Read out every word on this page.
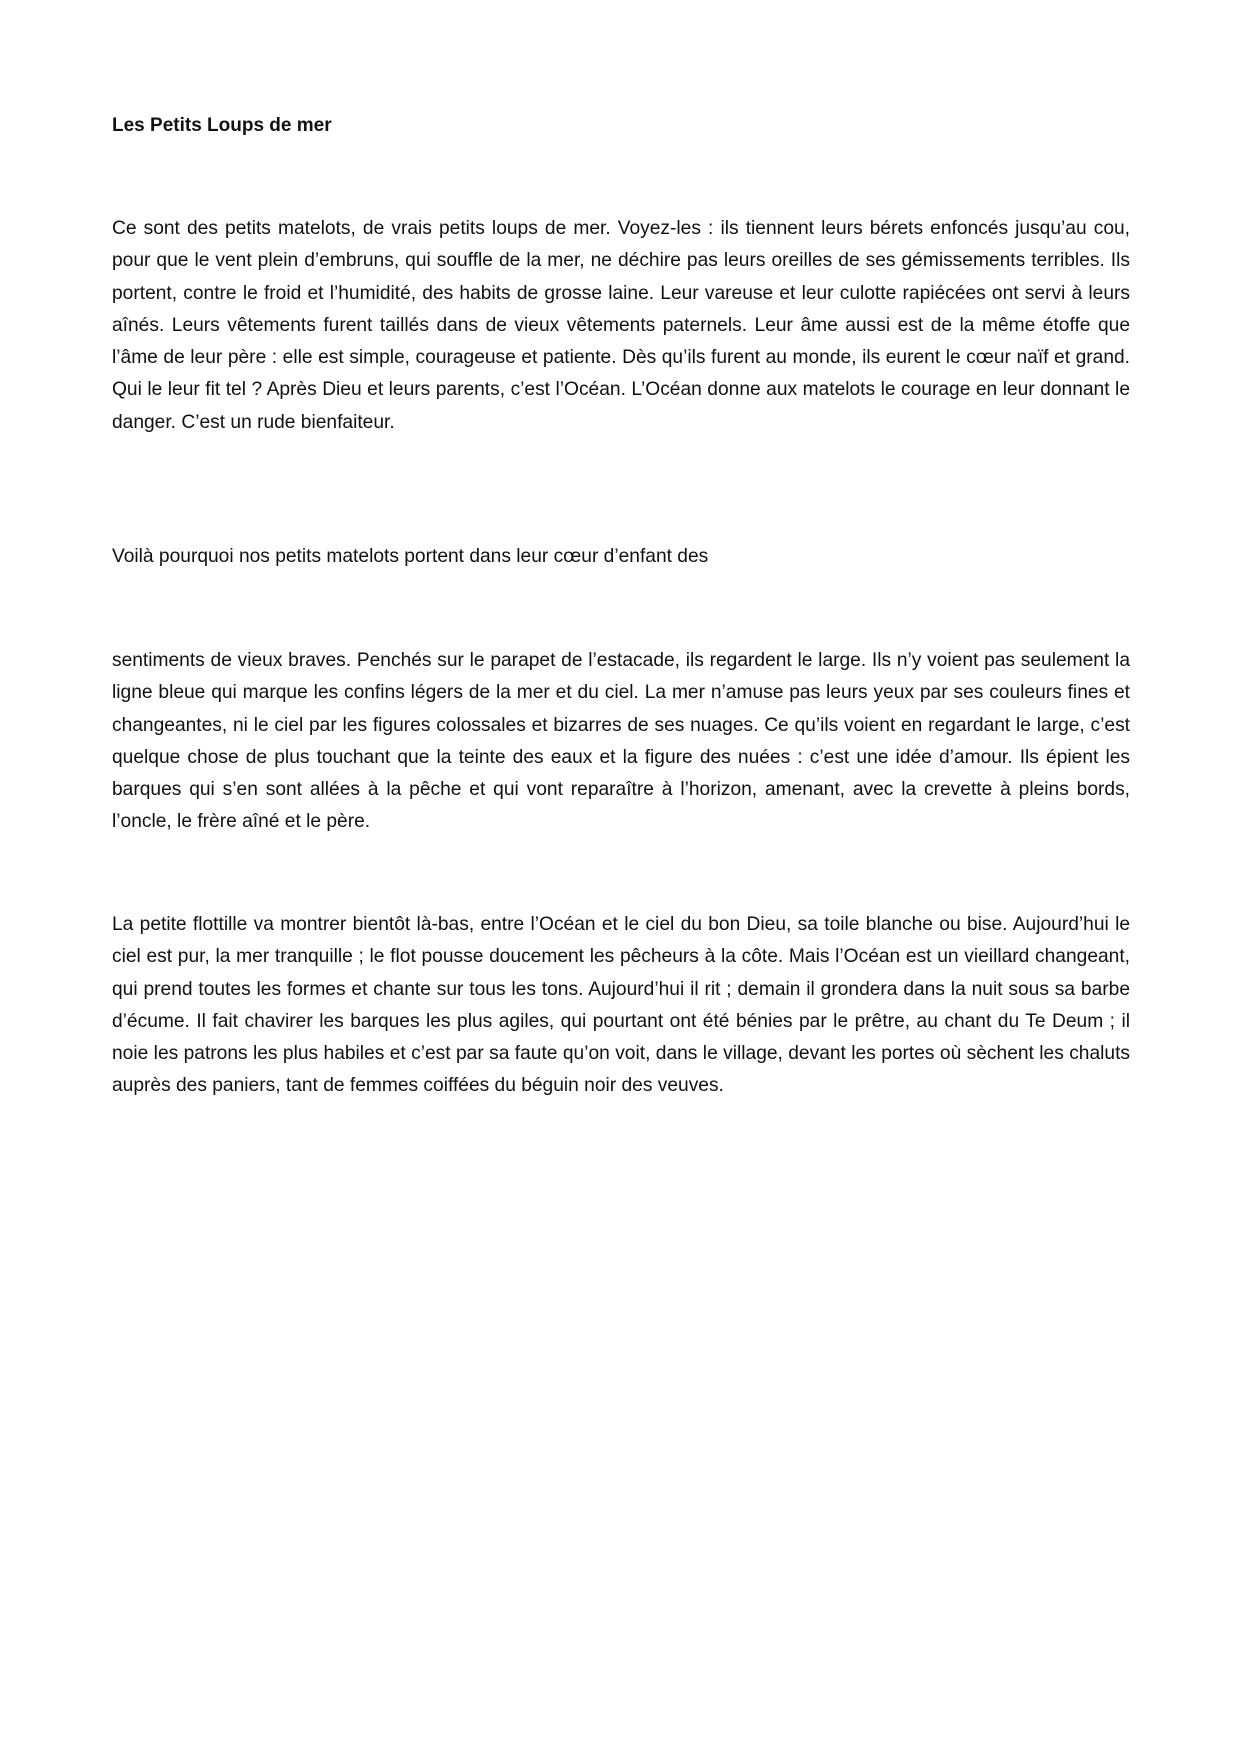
Les Petits Loups de mer

Ce sont des petits matelots, de vrais petits loups de mer. Voyez-les : ils tiennent leurs bérets enfoncés jusqu’au cou, pour que le vent plein d’embruns, qui souffle de la mer, ne déchire pas leurs oreilles de ses gémissements terribles. Ils portent, contre le froid et l’humidité, des habits de grosse laine. Leur vareuse et leur culotte rapiécées ont servi à leurs aînés. Leurs vêtements furent taillés dans de vieux vêtements paternels. Leur âme aussi est de la même étoffe que l’âme de leur père : elle est simple, courageuse et patiente. Dès qu’ils furent au monde, ils eurent le cœur naïf et grand. Qui le leur fit tel ? Après Dieu et leurs parents, c’est l’Océan. L’Océan donne aux matelots le courage en leur donnant le danger. C’est un rude bienfaiteur.

Voilà pourquoi nos petits matelots portent dans leur cœur d’enfant des

sentiments de vieux braves. Penchés sur le parapet de l’estacade, ils regardent le large. Ils n’y voient pas seulement la ligne bleue qui marque les confins légers de la mer et du ciel. La mer n’amuse pas leurs yeux par ses couleurs fines et changeantes, ni le ciel par les figures colossales et bizarres de ses nuages. Ce qu’ils voient en regardant le large, c’est quelque chose de plus touchant que la teinte des eaux et la figure des nuées : c’est une idée d’amour. Ils épient les barques qui s’en sont allées à la pêche et qui vont reparaître à l’horizon, amenant, avec la crevette à pleins bords, l’oncle, le frère aîné et le père.

La petite flottille va montrer bientôt là-bas, entre l’Océan et le ciel du bon Dieu, sa toile blanche ou bise. Aujourd’hui le ciel est pur, la mer tranquille ; le flot pousse doucement les pêcheurs à la côte. Mais l’Océan est un vieillard changeant, qui prend toutes les formes et chante sur tous les tons. Aujourd’hui il rit ; demain il grondera dans la nuit sous sa barbe d’écume. Il fait chavirer les barques les plus agiles, qui pourtant ont été bénies par le prêtre, au chant du Te Deum ; il noie les patrons les plus habiles et c’est par sa faute qu’on voit, dans le village, devant les portes où sèchent les chaluts auprès des paniers, tant de femmes coiffées du béguin noir des veuves.
